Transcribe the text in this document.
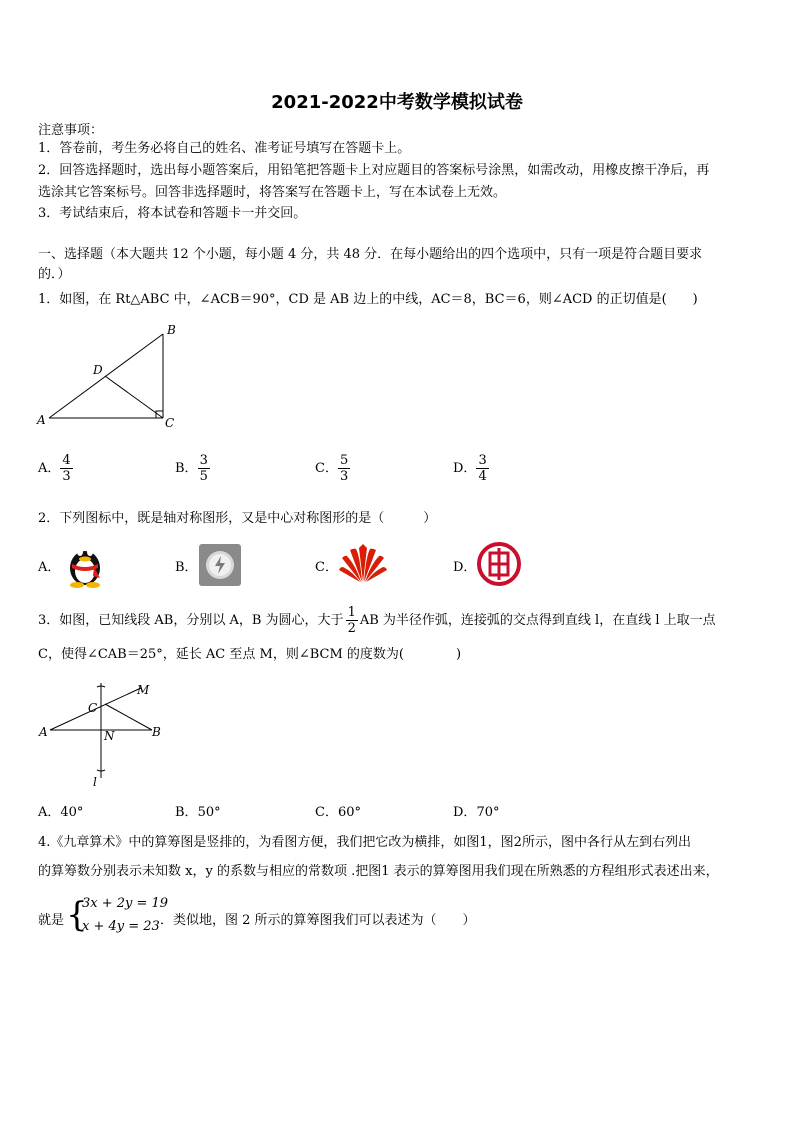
2021-2022中考数学模拟试卷
注意事项：
1．答卷前，考生务必将自己的姓名、准考证号填写在答题卡上。
2．回答选择题时，选出每小题答案后，用铅笔把答题卡上对应题目的答案标号涂黑，如需改动，用橡皮擦干净后，再
选涂其它答案标号。回答非选择题时，将答案写在答题卡上，写在本试卷上无效。
3．考试结束后，将本试卷和答题卡一并交回。
一、选择题（本大题共 12 个小题，每小题 4 分，共 48 分．在每小题给出的四个选项中，只有一项是符合题目要求
的．）
1．如图，在 Rt△ABC 中，∠ACB＝90°，CD 是 AB 边上的中线，AC＝8，BC＝6，则∠ACD 的正切值是(　　)
A
B
C
D
A． $\frac{4}{3}$	B． $\frac{3}{5}$	C． $\frac{5}{3}$	D． $\frac{3}{4}$
2．下列图标中，既是轴对称图形，又是中心对称图形的是（　　　）
A．	B．	C．	D．
3．如图，已知线段 AB，分别以 A，B 为圆心，大于 $\frac{1}{2}$ AB 为半径作弧，连接弧的交点得到直线 l，在直线 l 上取一点
C，使得∠CAB＝25°，延长 AC 至点 M，则∠BCM 的度数为(　　　　)
A	B
C
M
N
l
A．40°	B．50°	C．60°	D．70°
4.《九章算术》中的算筹图是竖排的，为看图方便，我们把它改为横排，如图1，图2所示，图中各行从左到右列出
的算筹数分别表示未知数 x，y 的系数与相应的常数项 .把图1 表示的算筹图用我们现在所熟悉的方程组形式表述出来，
就是 {
3x + 2y = 19
x + 4y = 23 ．类似地，图 2 所示的算筹图我们可以表述为（　　）
